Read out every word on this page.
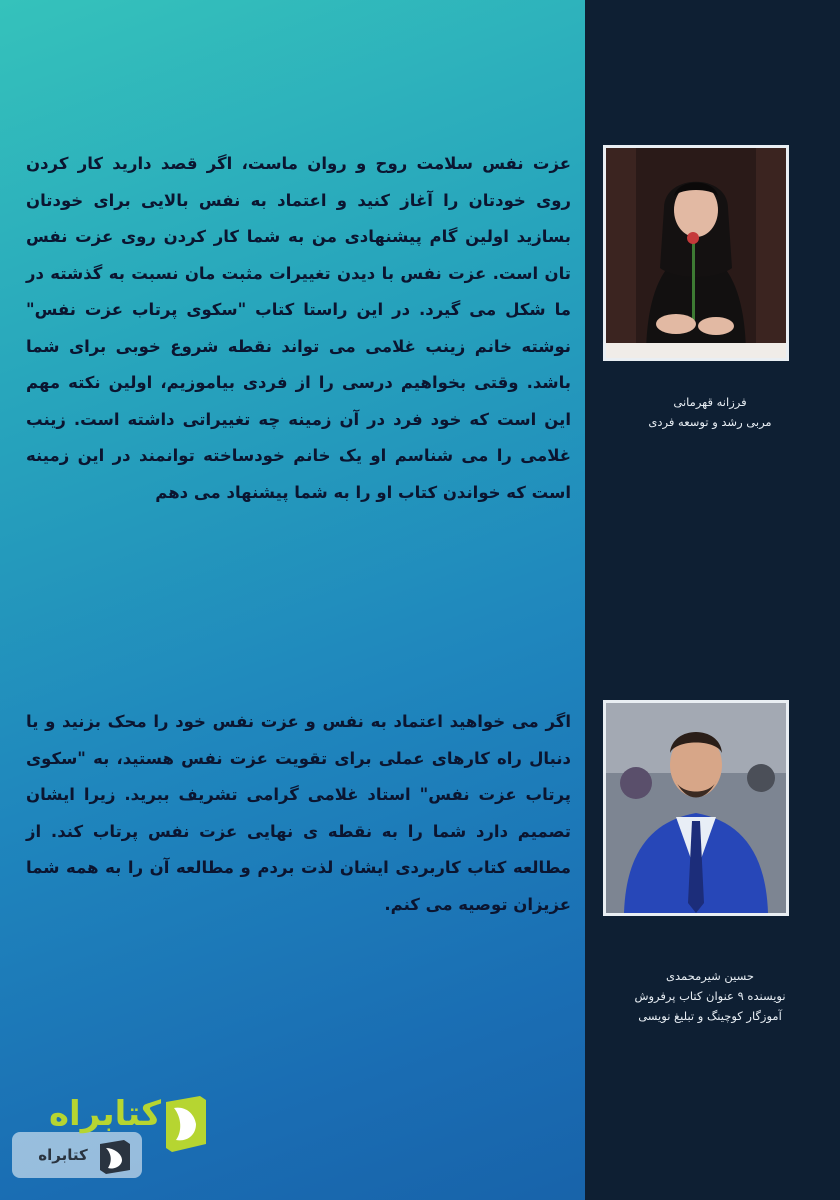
عزت نفس سلامت روح و روان ماست، اگر قصد دارید کار کردن روی خودتان را آغاز کنید و اعتماد به نفس بالایی برای خودتان بسازید اولین گام پیشنهادی من به شما کار کردن روی عزت نفس تان است. عزت نفس با دیدن تغییرات مثبت مان نسبت به گذشته در ما شکل می گیرد. در این راستا کتاب "سکوی پرتاب عزت نفس" نوشته خانم زینب غلامی می تواند نقطه شروع خوبی برای شما باشد. وقتی بخواهیم درسی را از فردی بیاموزیم، اولین نکته مهم این است که خود فرد در آن زمینه چه تغییراتی داشته است. زینب غلامی را می شناسم او یک خانم خودساخته توانمند در این زمینه است که خواندن کتاب او را به شما پیشنهاد می دهم

اگر می خواهید اعتماد به نفس و عزت نفس خود را محک بزنید و یا دنبال راه کارهای عملی برای تقویت عزت نفس هستید، به "سکوی پرتاب عزت نفس" استاد غلامی گرامی تشریف ببرید. زیرا ایشان تصمیم دارد شما را به نقطه ی نهایی عزت نفس پرتاب کند. از مطالعه کتاب کاربردی ایشان لذت بردم و مطالعه آن را به همه شما عزیزان توصیه می کنم.

فرزانه قهرمانی
مربی رشد و توسعه فردی
حسین شیرمحمدی
نویسنده ۹ عنوان کتاب پرفروش
آموزگار کوچینگ و تبلیغ نویسی
کتابراه
کتابراه
